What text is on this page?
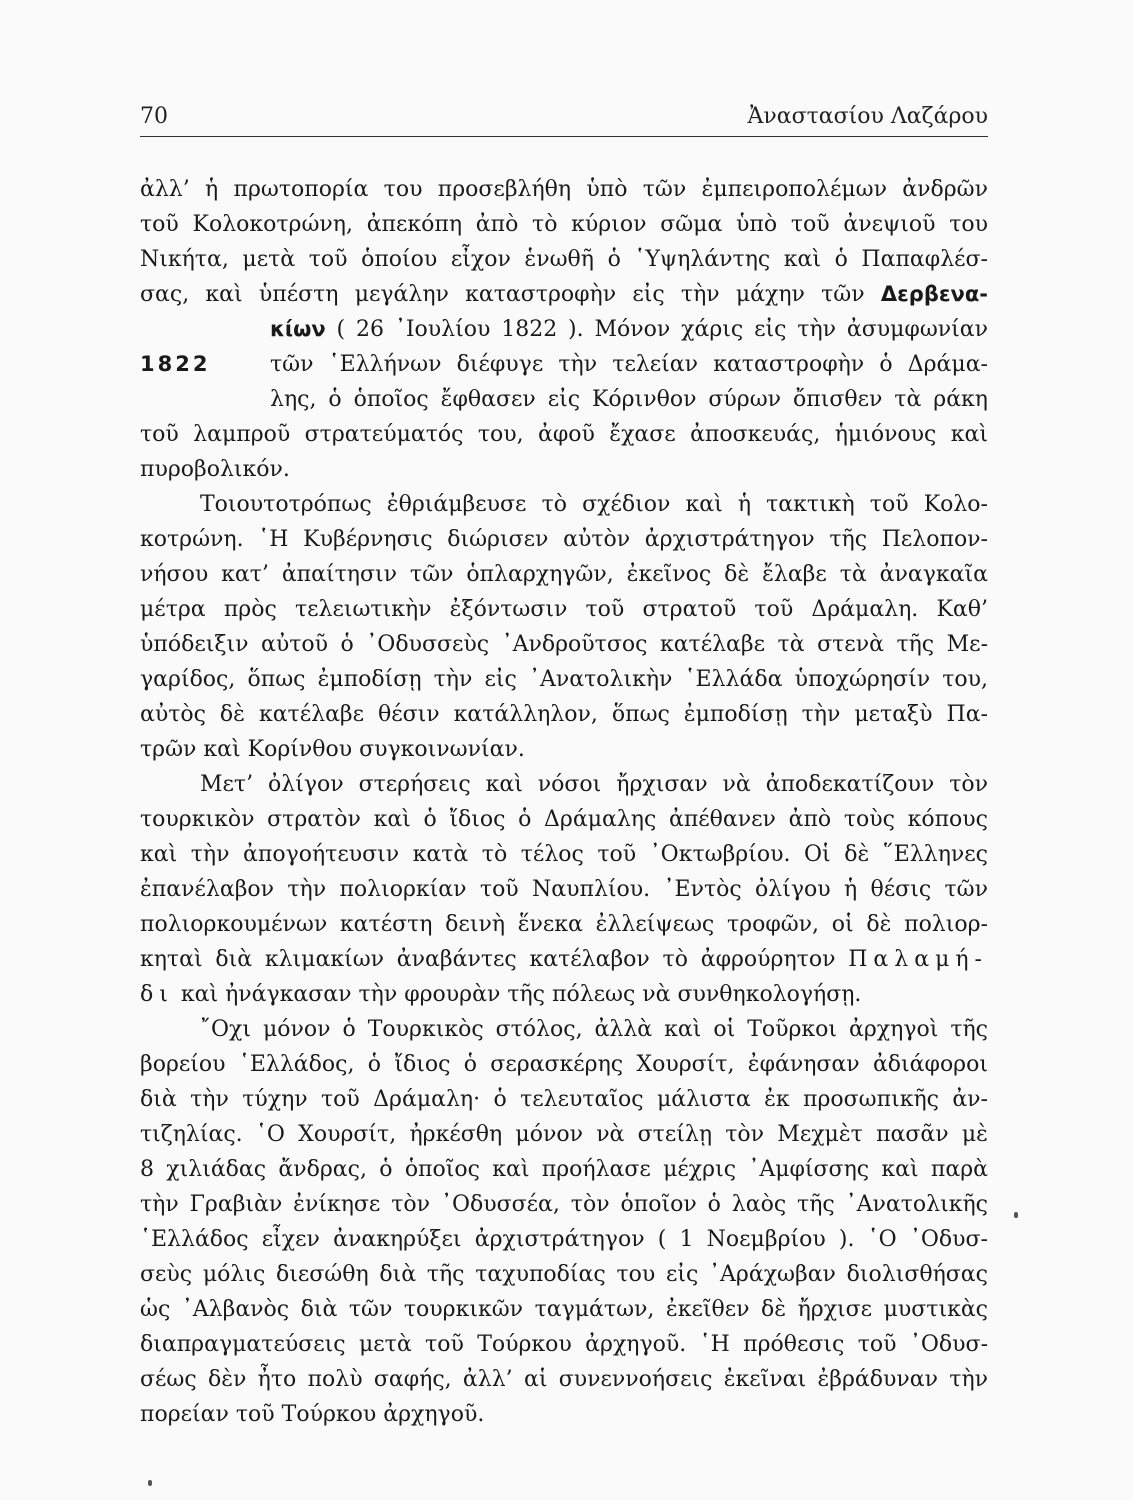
70	Ἀναστασίου Λαζάρου
ἀλλ’ ἡ πρωτοπορία του προσεβλήθη ὑπὸ τῶν ἐμπειροπολέμων ἀνδρῶν
τοῦ Κολοκοτρώνη, ἀπεκόπη ἀπὸ τὸ κύριον σῶμα ὑπὸ τοῦ ἀνεψιοῦ του
Νικήτα, μετὰ τοῦ ὁποίου εἶχον ἑνωθῆ ὁ ῾Υψηλάντης καὶ ὁ Παπαφλέσ-
σας, καὶ ὑπέστη μεγάλην καταστροφὴν εἰς τὴν μάχην τῶν Δερβενα-
κίων ( 26 ᾿Ιουλίου 1822 ). Μόνον χάρις εἰς τὴν ἀσυμφωνίαν
1822	τῶν ῾Ελλήνων διέφυγε τὴν τελείαν καταστροφὴν ὁ Δράμα-
λης, ὁ ὁποῖος ἔφθασεν εἰς Κόρινθον σύρων ὄπισθεν τὰ ράκη
τοῦ λαμπροῦ στρατεύματός του, ἀφοῦ ἔχασε ἀποσκευάς, ἡμιόνους καὶ
πυροβολικόν.
Τοιουτοτρόπως ἐθριάμβευσε τὸ σχέδιον καὶ ἡ τακτικὴ τοῦ Κολο-
κοτρώνη. ῾Η Κυβέρνησις διώρισεν αὐτὸν ἀρχιστράτηγον τῆς Πελοπον-
νήσου κατ’ ἀπαίτησιν τῶν ὁπλαρχηγῶν, ἐκεῖνος δὲ ἔλαβε τὰ ἀναγκαῖα
μέτρα πρὸς τελειωτικὴν ἐξόντωσιν τοῦ στρατοῦ τοῦ Δράμαλη. Καθ’
ὑπόδειξιν αὐτοῦ ὁ ᾿Οδυσσεὺς ᾿Ανδροῦτσος κατέλαβε τὰ στενὰ τῆς Με-
γαρίδος, ὅπως ἐμποδίσῃ τὴν εἰς ᾿Ανατολικὴν ῾Ελλάδα ὑποχώρησίν του,
αὐτὸς δὲ κατέλαβε θέσιν κατάλληλον, ὅπως ἐμποδίσῃ τὴν μεταξὺ Πα-
τρῶν καὶ Κορίνθου συγκοινωνίαν.
Μετ’ ὀλίγον στερήσεις καὶ νόσοι ἤρχισαν νὰ ἀποδεκατίζουν τὸν
τουρκικὸν στρατὸν καὶ ὁ ἴδιος ὁ Δράμαλης ἀπέθανεν ἀπὸ τοὺς κόπους
καὶ τὴν ἀπογοήτευσιν κατὰ τὸ τέλος τοῦ ᾿Οκτωβρίου. Οἱ δὲ ῞Ελληνες
ἐπανέλαβον τὴν πολιορκίαν τοῦ Ναυπλίου. ᾿Εντὸς ὀλίγου ἡ θέσις τῶν
πολιορκουμένων κατέστη δεινὴ ἕνεκα ἐλλείψεως τροφῶν, οἱ δὲ πολιορ-
κηταὶ διὰ κλιμακίων ἀναβάντες κατέλαβον τὸ ἀφρούρητον Παλαμή-
δι καὶ ἠνάγκασαν τὴν φρουρὰν τῆς πόλεως νὰ συνθηκολογήσῃ.
῎Οχι μόνον ὁ Τουρκικὸς στόλος, ἀλλὰ καὶ οἱ Τοῦρκοι ἀρχηγοὶ τῆς
βορείου ῾Ελλάδος, ὁ ἴδιος ὁ σερασκέρης Χουρσίτ, ἐφάνησαν ἀδιάφοροι
διὰ τὴν τύχην τοῦ Δράμαλη· ὁ τελευταῖος μάλιστα ἐκ προσωπικῆς ἀν-
τιζηλίας. ῾Ο Χουρσίτ, ἠρκέσθη μόνον νὰ στείλῃ τὸν Μεχμὲτ πασᾶν μὲ
8 χιλιάδας ἄνδρας, ὁ ὁποῖος καὶ προήλασε μέχρις ᾿Αμφίσσης καὶ παρὰ
τὴν Γραβιὰν ἐνίκησε τὸν ᾿Οδυσσέα, τὸν ὁποῖον ὁ λαὸς τῆς ᾿Ανατολικῆς
῾Ελλάδος εἶχεν ἀνακηρύξει ἀρχιστράτηγον ( 1 Νοεμβρίου ). ῾Ο ᾿Οδυσ-
σεὺς μόλις διεσώθη διὰ τῆς ταχυποδίας του εἰς ᾿Αράχωβαν διολισθήσας
ὡς ᾿Αλβανὸς διὰ τῶν τουρκικῶν ταγμάτων, ἐκεῖθεν δὲ ἤρχισε μυστικὰς
διαπραγματεύσεις μετὰ τοῦ Τούρκου ἀρχηγοῦ. ῾Η πρόθεσις τοῦ ᾿Οδυσ-
σέως δὲν ἦτο πολὺ σαφής, ἀλλ’ αἱ συνεννοήσεις ἐκεῖναι ἐβράδυναν τὴν
πορείαν τοῦ Τούρκου ἀρχηγοῦ.
